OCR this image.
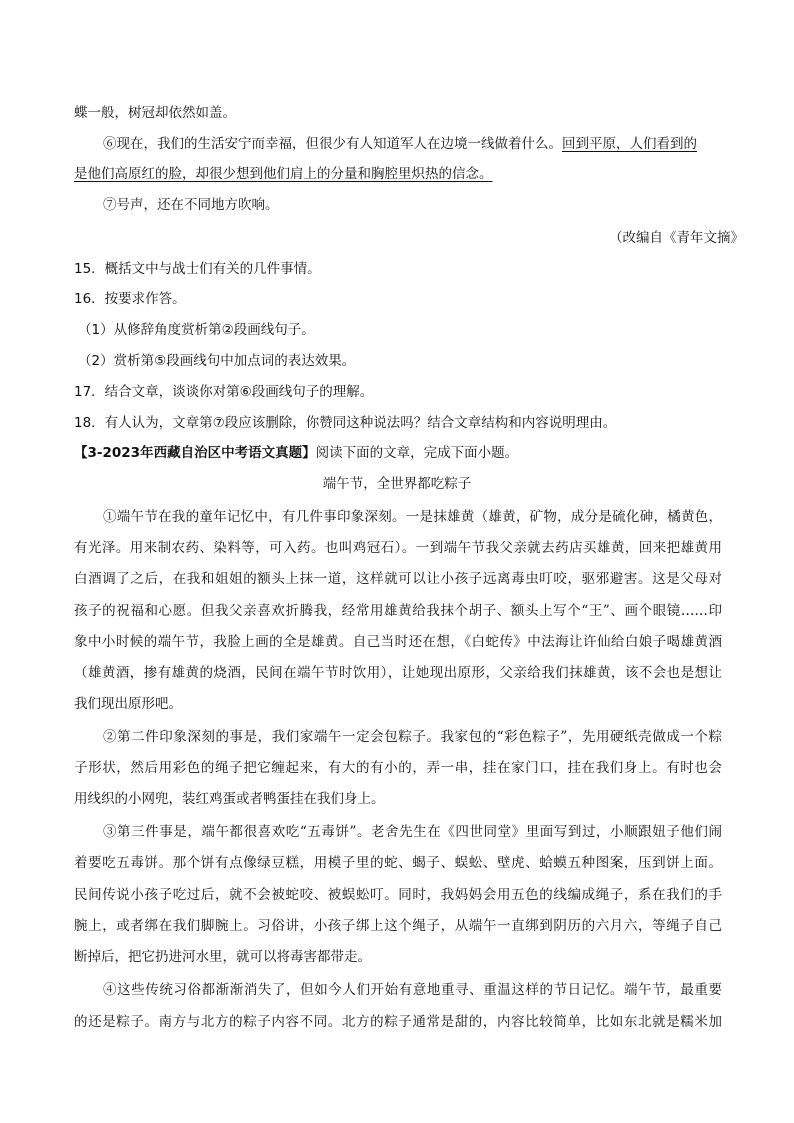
蝶一般，树冠却依然如盖。
⑥现在，我们的生活安宁而幸福，但很少有人知道军人在边境一线做着什么。回到平原，人们看到的
是他们高原红的脸，却很少想到他们肩上的分量和胸腔里炽热的信念。
⑦号声，还在不同地方吹响。
（改编自《青年文摘》
15．概括文中与战士们有关的几件事情。
16．按要求作答。
（1）从修辞角度赏析第②段画线句子。
（2）赏析第⑤段画线句中加点词的表达效果。
17．结合文章，谈谈你对第⑥段画线句子的理解。
18．有人认为，文章第⑦段应该删除，你赞同这种说法吗？结合文章结构和内容说明理由。
【3-2023年西藏自治区中考语文真题】阅读下面的文章，完成下面小题。
端午节，全世界都吃粽子
①端午节在我的童年记忆中，有几件事印象深刻。一是抹雄黄（雄黄，矿物，成分是硫化砷，橘黄色，
有光泽。用来制农药、染料等，可入药。也叫鸡冠石）。一到端午节我父亲就去药店买雄黄，回来把雄黄用
白酒调了之后，在我和姐姐的额头上抹一道，这样就可以让小孩子远离毒虫叮咬，驱邪避害。这是父母对
孩子的祝福和心愿。但我父亲喜欢折腾我，经常用雄黄给我抹个胡子、额头上写个“王”、画个眼镜……印
象中小时候的端午节，我脸上画的全是雄黄。自己当时还在想，《白蛇传》中法海让许仙给白娘子喝雄黄酒
（雄黄酒，掺有雄黄的烧酒，民间在端午节时饮用），让她现出原形，父亲给我们抹雄黄，该不会也是想让
我们现出原形吧。
②第二件印象深刻的事是，我们家端午一定会包粽子。我家包的“彩色粽子”，先用硬纸壳做成一个粽
子形状，然后用彩色的绳子把它缠起来，有大的有小的，弄一串，挂在家门口，挂在我们身上。有时也会
用线织的小网兜，装红鸡蛋或者鸭蛋挂在我们身上。
③第三件事是，端午都很喜欢吃“五毒饼”。老舍先生在《四世同堂》里面写到过，小顺跟妞子他们闹
着要吃五毒饼。那个饼有点像绿豆糕，用模子里的蛇、蝎子、蜈蚣、壁虎、蛤蟆五种图案，压到饼上面。
民间传说小孩子吃过后，就不会被蛇咬、被蜈蚣叮。同时，我妈妈会用五色的线编成绳子，系在我们的手
腕上，或者绑在我们脚腕上。习俗讲，小孩子绑上这个绳子，从端午一直绑到阴历的六月六，等绳子自己
断掉后，把它扔进河水里，就可以将毒害都带走。
④这些传统习俗都渐渐消失了，但如今人们开始有意地重寻、重温这样的节日记忆。端午节，最重要
的还是粽子。南方与北方的粽子内容不同。北方的粽子通常是甜的，内容比较简单，比如东北就是糯米加
